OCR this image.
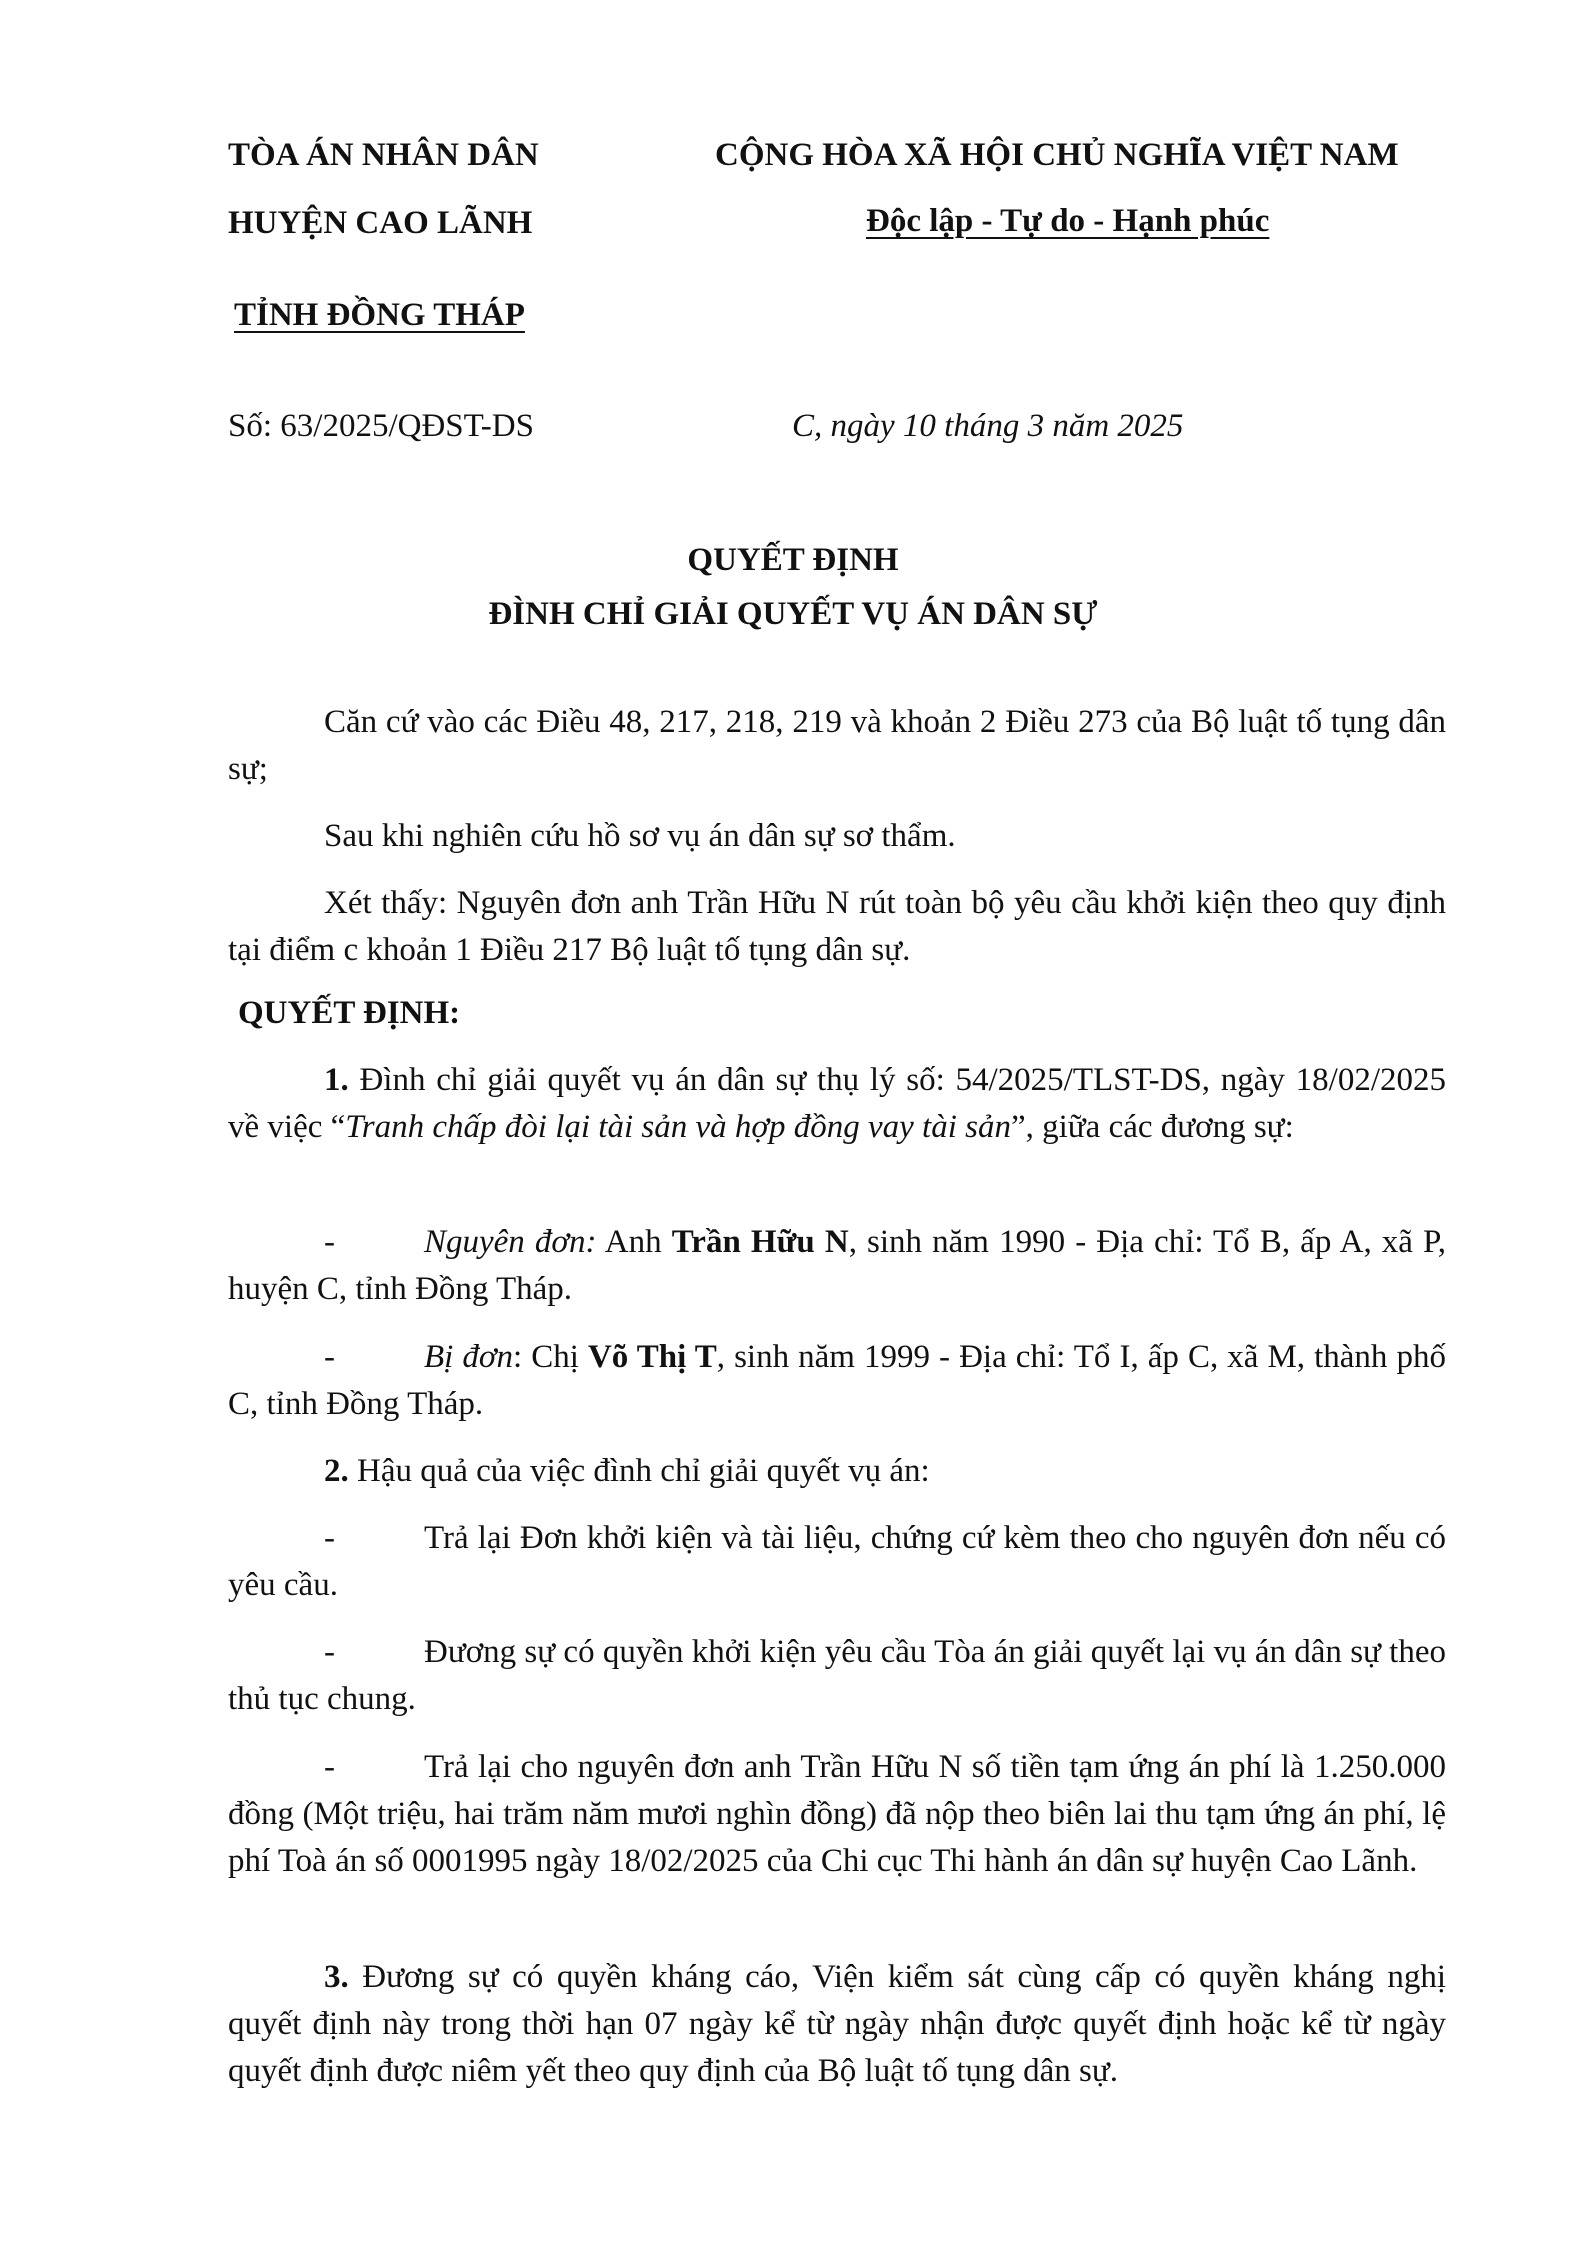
TÒA ÁN NHÂN DÂN
HUYỆN CAO LÃNH
TỈNH ĐỒNG THÁP
CỘNG HÒA XÃ HỘI CHỦ NGHĨA VIỆT NAM
Độc lập - Tự do - Hạnh phúc
Số: 63/2025/QĐST-DS	C, ngày 10 tháng 3 năm 2025
QUYẾT ĐỊNH
ĐÌNH CHỈ GIẢI QUYẾT VỤ ÁN DÂN SỰ
Căn cứ vào các Điều 48, 217, 218, 219 và khoản 2 Điều 273 của Bộ luật tố tụng dân sự;
Sau khi nghiên cứu hồ sơ vụ án dân sự sơ thẩm.
Xét thấy: Nguyên đơn anh Trần Hữu N rút toàn bộ yêu cầu khởi kiện theo quy định tại điểm c khoản 1 Điều 217 Bộ luật tố tụng dân sự.
QUYẾT ĐỊNH:
1. Đình chỉ giải quyết vụ án dân sự thụ lý số: 54/2025/TLST-DS, ngày 18/02/2025 về việc “Tranh chấp đòi lại tài sản và hợp đồng vay tài sản”, giữa các đương sự:
-	Nguyên đơn: Anh Trần Hữu N, sinh năm 1990 - Địa chỉ: Tổ B, ấp A, xã P, huyện C, tỉnh Đồng Tháp.
-	Bị đơn: Chị Võ Thị T, sinh năm 1999 - Địa chỉ: Tổ I, ấp C, xã M, thành phố C, tỉnh Đồng Tháp.
2. Hậu quả của việc đình chỉ giải quyết vụ án:
-	Trả lại Đơn khởi kiện và tài liệu, chứng cứ kèm theo cho nguyên đơn nếu có yêu cầu.
-	Đương sự có quyền khởi kiện yêu cầu Tòa án giải quyết lại vụ án dân sự theo thủ tục chung.
-	Trả lại cho nguyên đơn anh Trần Hữu N số tiền tạm ứng án phí là 1.250.000 đồng (Một triệu, hai trăm năm mươi nghìn đồng) đã nộp theo biên lai thu tạm ứng án phí, lệ phí Toà án số 0001995 ngày 18/02/2025 của Chi cục Thi hành án dân sự huyện Cao Lãnh.
3. Đương sự có quyền kháng cáo, Viện kiểm sát cùng cấp có quyền kháng nghị quyết định này trong thời hạn 07 ngày kể từ ngày nhận được quyết định hoặc kể từ ngày quyết định được niêm yết theo quy định của Bộ luật tố tụng dân sự.
